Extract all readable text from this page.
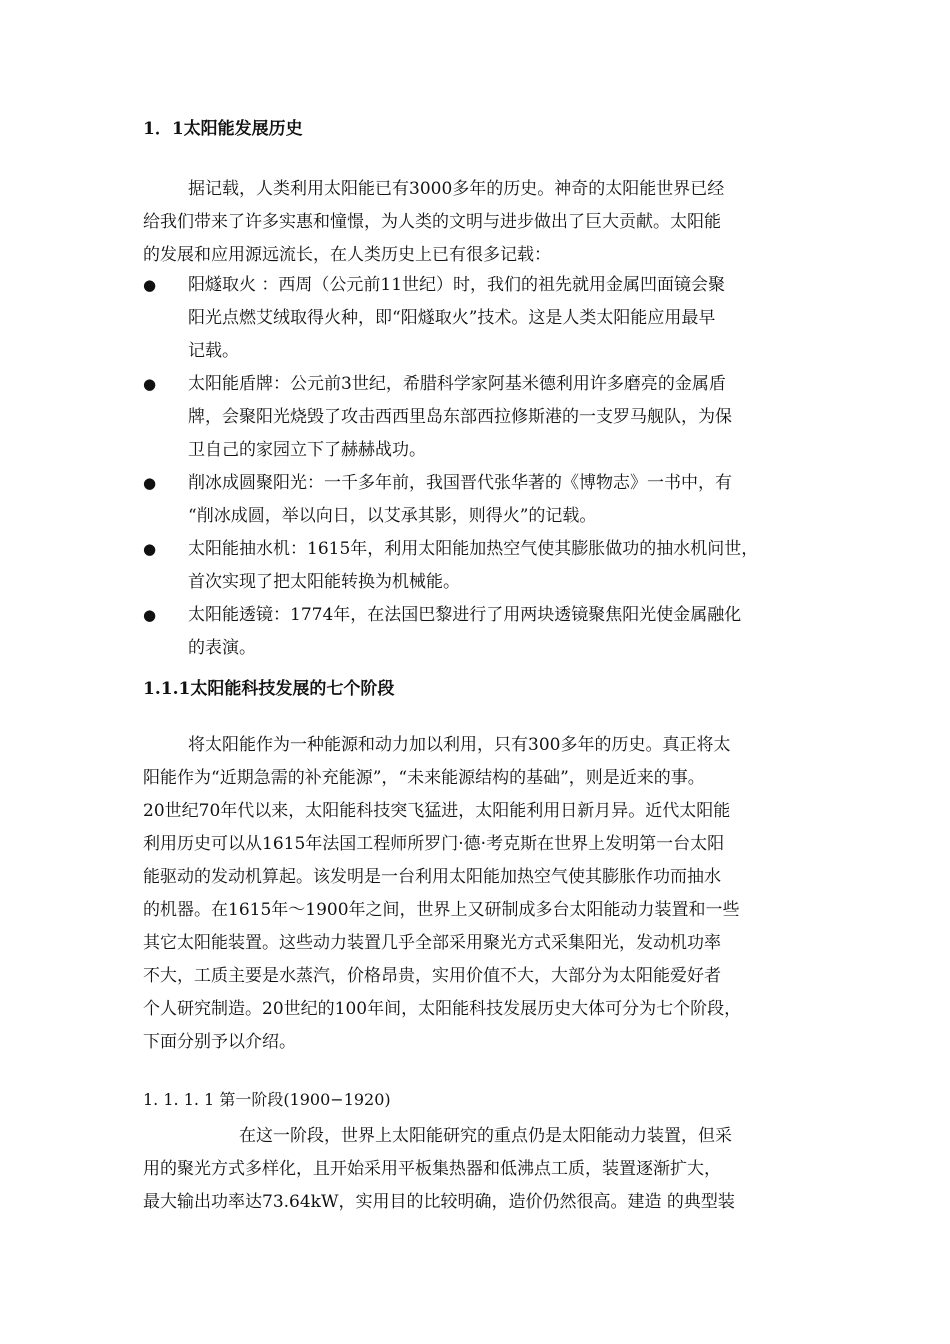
1．1太阳能发展历史
据记载，人类利用太阳能已有3000多年的历史。神奇的太阳能世界已经
给我们带来了许多实惠和憧憬，为人类的文明与进步做出了巨大贡献。太阳能
的发展和应用源远流长，在人类历史上已有很多记载：
● 阳燧取火 ：西周（公元前11世纪）时，我们的祖先就用金属凹面镜会聚
阳光点燃艾绒取得火种，即“阳燧取火”技术。这是人类太阳能应用最早
记载。
● 太阳能盾牌：公元前3世纪，希腊科学家阿基米德利用许多磨亮的金属盾
牌，会聚阳光烧毁了攻击西西里岛东部西拉修斯港的一支罗马舰队，为保
卫自己的家园立下了赫赫战功。
● 削冰成圆聚阳光：一千多年前，我国晋代张华著的《博物志》一书中，有
“削冰成圆，举以向日，以艾承其影，则得火”的记载。
● 太阳能抽水机：1615年，利用太阳能加热空气使其膨胀做功的抽水机问世，
首次实现了把太阳能转换为机械能。
● 太阳能透镜：1774年，在法国巴黎进行了用两块透镜聚焦阳光使金属融化
的表演。
1.1.1太阳能科技发展的七个阶段
将太阳能作为一种能源和动力加以利用，只有300多年的历史。真正将太
阳能作为“近期急需的补充能源”，“未来能源结构的基础”，则是近来的事。
20世纪70年代以来，太阳能科技突飞猛进，太阳能利用日新月异。近代太阳能
利用历史可以从1615年法国工程师所罗门·德·考克斯在世界上发明第一台太阳
能驱动的发动机算起。该发明是一台利用太阳能加热空气使其膨胀作功而抽水
的机器。在1615年～1900年之间，世界上又研制成多台太阳能动力装置和一些
其它太阳能装置。这些动力装置几乎全部采用聚光方式采集阳光，发动机功率
不大，工质主要是水蒸汽，价格昂贵，实用价值不大，大部分为太阳能爱好者
个人研究制造。20世纪的100年间，太阳能科技发展历史大体可分为七个阶段，
下面分别予以介绍。
1. 1. 1. 1 第一阶段(1900−1920)
在这一阶段，世界上太阳能研究的重点仍是太阳能动力装置，但采
用的聚光方式多样化，且开始采用平板集热器和低沸点工质，装置逐渐扩大，
最大输出功率达73.64kW，实用目的比较明确，造价仍然很高。建造 的典型装
